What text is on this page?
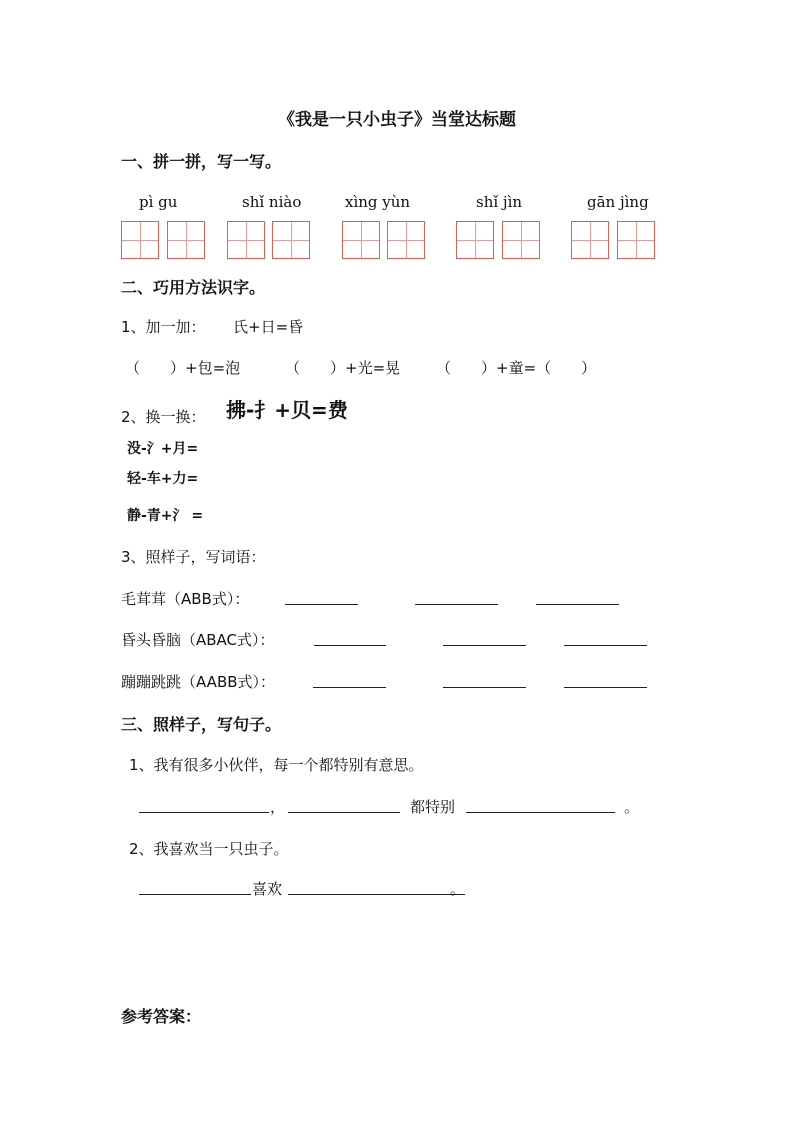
《我是一只小虫子》当堂达标题
一、拼一拼，写一写。
pì gu	shǐ niào	xìng yùn	shǐ jìn	gān jìng
二、巧用方法识字。
1、加一加： 氏+日=昏
（　　）+包=泡	（　　）+光=晃 （　　）+童=（　　）
2、换一换： 拂-扌+贝=费
没-氵+月=
轻-车+力=
静-青+氵 =
3、照样子，写词语：
毛茸茸（ABB式）：
昏头昏脑（ABAC式）：
蹦蹦跳跳（AABB式）：
三、照样子，写句子。
1、我有很多小伙伴，每一个都特别有意思。
，	都特别	。
2、我喜欢当一只虫子。
喜欢	。
参考答案：
